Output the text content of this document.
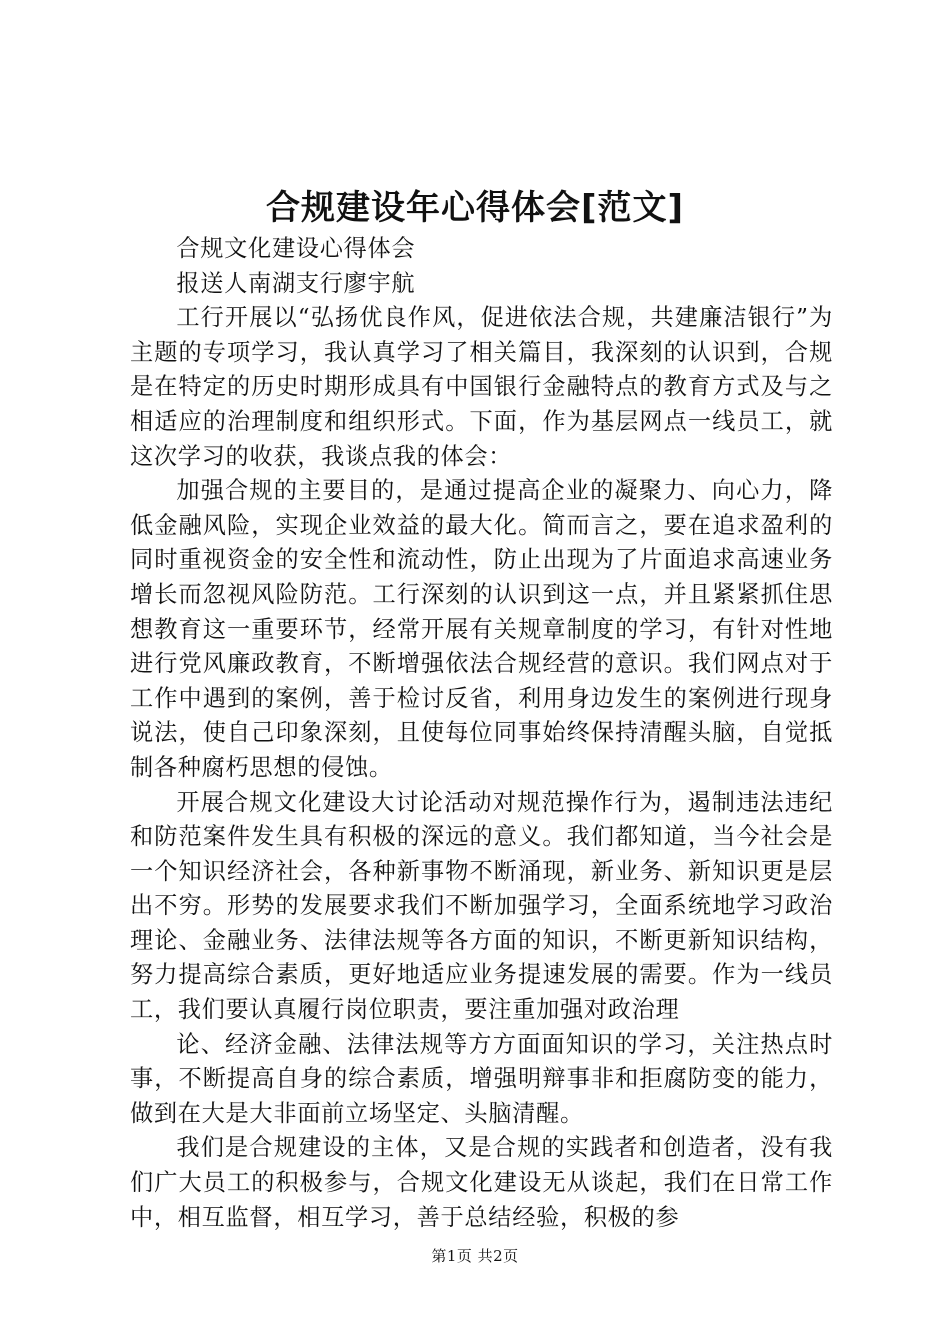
合规建设年心得体会[范文]

合规文化建设心得体会

报送人南湖支行廖宇航

工行开展以“弘扬优良作风，促进依法合规，共建廉洁银行”为主题的专项学习，我认真学习了相关篇目，我深刻的认识到，合规是在特定的历史时期形成具有中国银行金融特点的教育方式及与之相适应的治理制度和组织形式。下面，作为基层网点一线员工，就这次学习的收获，我谈点我的体会：

加强合规的主要目的，是通过提高企业的凝聚力、向心力，降低金融风险，实现企业效益的最大化。简而言之，要在追求盈利的同时重视资金的安全性和流动性，防止出现为了片面追求高速业务增长而忽视风险防范。工行深刻的认识到这一点，并且紧紧抓住思想教育这一重要环节，经常开展有关规章制度的学习，有针对性地进行党风廉政教育，不断增强依法合规经营的意识。我们网点对于工作中遇到的案例，善于检讨反省，利用身边发生的案例进行现身说法，使自己印象深刻，且使每位同事始终保持清醒头脑，自觉抵制各种腐朽思想的侵蚀。

开展合规文化建设大讨论活动对规范操作行为，遏制违法违纪和防范案件发生具有积极的深远的意义。我们都知道，当今社会是一个知识经济社会，各种新事物不断涌现，新业务、新知识更是层出不穷。形势的发展要求我们不断加强学习，全面系统地学习政治理论、金融业务、法律法规等各方面的知识，不断更新知识结构，努力提高综合素质，更好地适应业务提速发展的需要。作为一线员工，我们要认真履行岗位职责，要注重加强对政治理

论、经济金融、法律法规等方方面面知识的学习，关注热点时事，不断提高自身的综合素质，增强明辩事非和拒腐防变的能力，做到在大是大非面前立场坚定、头脑清醒。

我们是合规建设的主体，又是合规的实践者和创造者，没有我们广大员工的积极参与，合规文化建设无从谈起，我们在日常工作中，相互监督，相互学习，善于总结经验，积极的参

第1页 共2页
